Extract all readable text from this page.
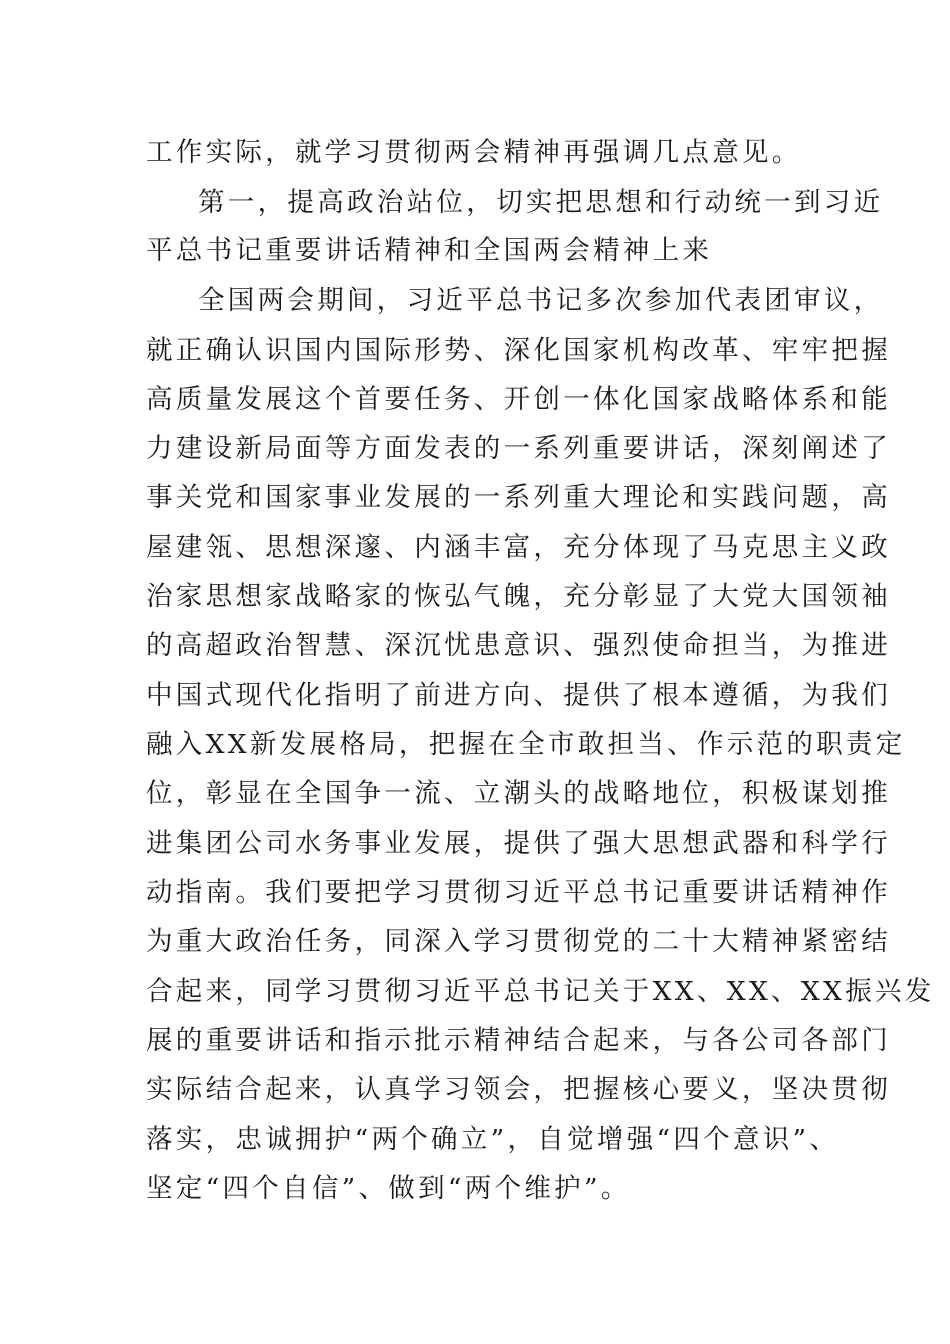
工作实际，就学习贯彻两会精神再强调几点意见。
第一，提高政治站位，切实把思想和行动统一到习近
平总书记重要讲话精神和全国两会精神上来
全国两会期间，习近平总书记多次参加代表团审议，
就正确认识国内国际形势、深化国家机构改革、牢牢把握
高质量发展这个首要任务、开创一体化国家战略体系和能
力建设新局面等方面发表的一系列重要讲话，深刻阐述了
事关党和国家事业发展的一系列重大理论和实践问题，高
屋建瓴、思想深邃、内涵丰富，充分体现了马克思主义政
治家思想家战略家的恢弘气魄，充分彰显了大党大国领袖
的高超政治智慧、深沉忧患意识、强烈使命担当，为推进
中国式现代化指明了前进方向、提供了根本遵循，为我们
融入XX新发展格局，把握在全市敢担当、作示范的职责定
位，彰显在全国争一流、立潮头的战略地位，积极谋划推
进集团公司水务事业发展，提供了强大思想武器和科学行
动指南。我们要把学习贯彻习近平总书记重要讲话精神作
为重大政治任务，同深入学习贯彻党的二十大精神紧密结
合起来，同学习贯彻习近平总书记关于XX、XX、XX振兴发
展的重要讲话和指示批示精神结合起来，与各公司各部门
实际结合起来，认真学习领会，把握核心要义，坚决贯彻
落实，忠诚拥护“两个确立”，自觉增强“四个意识”、
坚定“四个自信”、做到“两个维护”。
